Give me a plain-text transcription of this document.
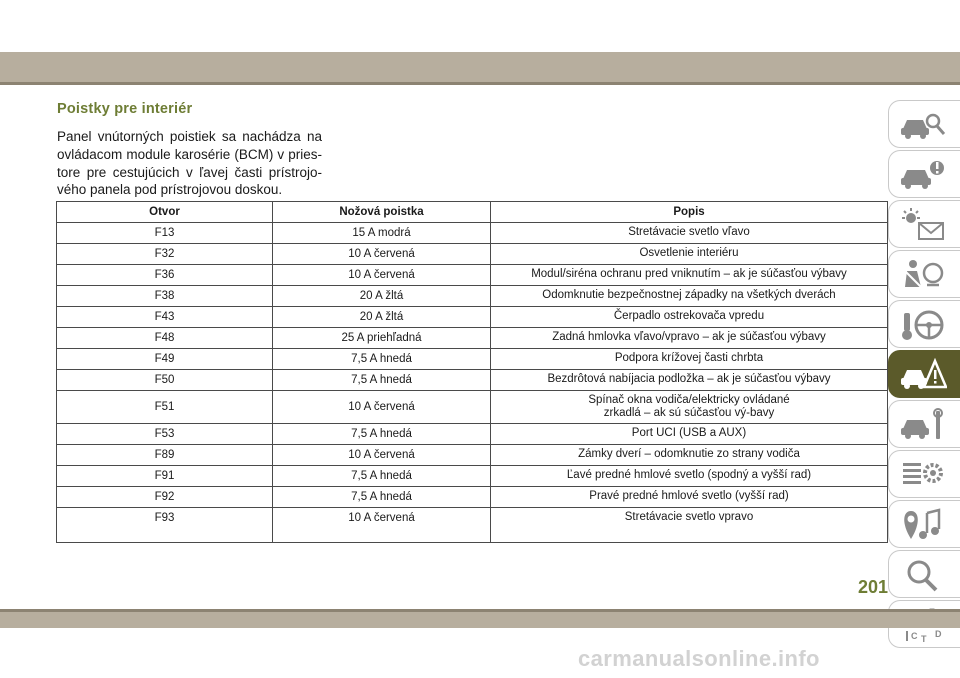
Poistky pre interiér

Panel vnútorných poistiek sa nachádza na ovládacom module karosérie (BCM) v pries-tore pre cestujúcich v ľavej časti prístrojo-vého panela pod prístrojovou doskou.

Otvor	Nožová poistka	Popis
F13	15 A modrá	Stretávacie svetlo vľavo
F32	10 A červená	Osvetlenie interiéru
F36	10 A červená	Modul/siréna ochranu pred vniknutím – ak je súčasťou výbavy
F38	20 A žltá	Odomknutie bezpečnostnej západky na všetkých dverách
F43	20 A žltá	Čerpadlo ostrekovača vpredu
F48	25 A priehľadná	Zadná hmlovka vľavo/vpravo – ak je súčasťou výbavy
F49	7,5 A hnedá	Podpora krížovej časti chrbta
F50	7,5 A hnedá	Bezdrôtová nabíjacia podložka – ak je súčasťou výbavy
F51	10 A červená	Spínač okna vodiča/elektricky ovládané zrkadlá – ak sú súčasťou vý-bavy
F53	7,5 A hnedá	Port UCI (USB a AUX)
F89	10 A červená	Zámky dverí – odomknutie zo strany vodiča
F91	7,5 A hnedá	Ľavé predné hmlové svetlo (spodný a vyšší rad)
F92	7,5 A hnedá	Pravé predné hmlové svetlo (vyšší rad)
F93	10 A červená	Stretávacie svetlo vpravo
C D
T
201
carmanualsonline.info
